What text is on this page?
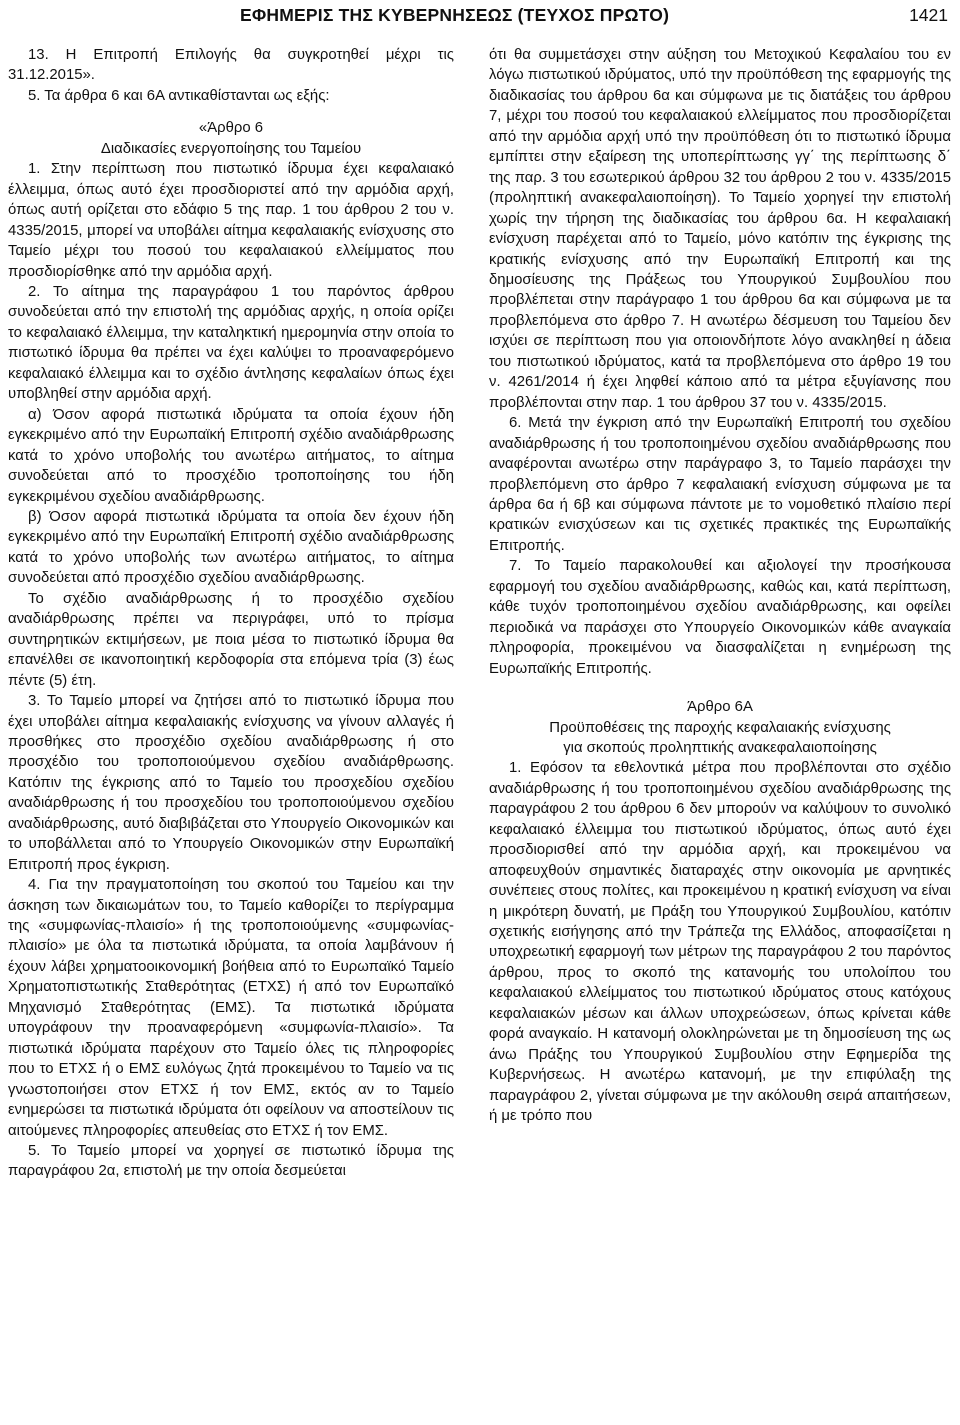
ΕΦΗΜΕΡΙΣ ΤΗΣ ΚΥΒΕΡΝΗΣΕΩΣ (ΤΕΥΧΟΣ ΠΡΩΤΟ)	1421

13. Η Επιτροπή Επιλογής θα συγκροτηθεί μέχρι τις 31.12.2015».

5. Τα άρθρα 6 και 6Α αντικαθίστανται ως εξής:

«Άρθρο 6

Διαδικασίες ενεργοποίησης του Ταμείου

1. Στην περίπτωση που πιστωτικό ίδρυμα έχει κεφαλαιακό έλλειμμα, όπως αυτό έχει προσδιοριστεί από την αρμόδια αρχή, όπως αυτή ορίζεται στο εδάφιο 5 της παρ. 1 του άρθρου 2 του ν. 4335/2015, μπορεί να υποβάλει αίτημα κεφαλαιακής ενίσχυσης στο Ταμείο μέχρι του ποσού του κεφαλαιακού ελλείμματος που προσδιορίσθηκε από την αρμόδια αρχή.

2. Το αίτημα της παραγράφου 1 του παρόντος άρθρου συνοδεύεται από την επιστολή της αρμόδιας αρχής, η οποία ορίζει το κεφαλαιακό έλλειμμα, την καταληκτική ημερομηνία στην οποία το πιστωτικό ίδρυμα θα πρέπει να έχει καλύψει το προαναφερόμενο κεφαλαιακό έλλειμμα και το σχέδιο άντλησης κεφαλαίων όπως έχει υποβληθεί στην αρμόδια αρχή.

α) Όσον αφορά πιστωτικά ιδρύματα τα οποία έχουν ήδη εγκεκριμένο από την Ευρωπαϊκή Επιτροπή σχέδιο αναδιάρθρωσης κατά το χρόνο υποβολής του ανωτέρω αιτήματος, το αίτημα συνοδεύεται από το προσχέδιο τροποποίησης του ήδη εγκεκριμένου σχεδίου αναδιάρθρωσης.

β) Όσον αφορά πιστωτικά ιδρύματα τα οποία δεν έχουν ήδη εγκεκριμένο από την Ευρωπαϊκή Επιτροπή σχέδιο αναδιάρθρωσης κατά το χρόνο υποβολής των ανωτέρω αιτήματος, το αίτημα συνοδεύεται από προσχέδιο σχεδίου αναδιάρθρωσης.

Το σχέδιο αναδιάρθρωσης ή το προσχέδιο σχεδίου αναδιάρθρωσης πρέπει να περιγράφει, υπό το πρίσμα συντηρητικών εκτιμήσεων, με ποια μέσα το πιστωτικό ίδρυμα θα επανέλθει σε ικανοποιητική κερδοφορία στα επόμενα τρία (3) έως πέντε (5) έτη.

3. Το Ταμείο μπορεί να ζητήσει από το πιστωτικό ίδρυμα που έχει υποβάλει αίτημα κεφαλαιακής ενίσχυσης να γίνουν αλλαγές ή προσθήκες στο προσχέδιο σχεδίου αναδιάρθρωσης ή στο προσχέδιο του τροποποιούμενου σχεδίου αναδιάρθρωσης. Κατόπιν της έγκρισης από το Ταμείο του προσχεδίου σχεδίου αναδιάρθρωσης ή του προσχεδίου του τροποποιούμενου σχεδίου αναδιάρθρωσης, αυτό διαβιβάζεται στο Υπουργείο Οικονομικών και το υποβάλλεται από το Υπουργείο Οικονομικών στην Ευρωπαϊκή Επιτροπή προς έγκριση.

4. Για την πραγματοποίηση του σκοπού του Ταμείου και την άσκηση των δικαιωμάτων του, το Ταμείο καθορίζει το περίγραμμα της «συμφωνίας-πλαισίο» ή της τροποποιούμενης «συμφωνίας-πλαισίο» με όλα τα πιστωτικά ιδρύματα, τα οποία λαμβάνουν ή έχουν λάβει χρηματοοικονομική βοήθεια από το Ευρωπαϊκό Ταμείο Χρηματοπιστωτικής Σταθερότητας (ΕΤΧΣ) ή από τον Ευρωπαϊκό Μηχανισμό Σταθερότητας (ΕΜΣ). Τα πιστωτικά ιδρύματα υπογράφουν την προαναφερόμενη «συμφωνία-πλαισίο». Τα πιστωτικά ιδρύματα παρέχουν στο Ταμείο όλες τις πληροφορίες που το ΕΤΧΣ ή ο ΕΜΣ ευλόγως ζητά προκειμένου το Ταμείο να τις γνωστοποιήσει στον ΕΤΧΣ ή τον ΕΜΣ, εκτός αν το Ταμείο ενημερώσει τα πιστωτικά ιδρύματα ότι οφείλουν να αποστείλουν τις αιτούμενες πληροφορίες απευθείας στο ΕΤΧΣ ή τον ΕΜΣ.

5. Το Ταμείο μπορεί να χορηγεί σε πιστωτικό ίδρυμα της παραγράφου 2α, επιστολή με την οποία δεσμεύεται

ότι θα συμμετάσχει στην αύξηση του Μετοχικού Κεφαλαίου του εν λόγω πιστωτικού ιδρύματος, υπό την προϋπόθεση της εφαρμογής της διαδικασίας του άρθρου 6α και σύμφωνα με τις διατάξεις του άρθρου 7, μέχρι του ποσού του κεφαλαιακού ελλείμματος που προσδιορίζεται από την αρμόδια αρχή υπό την προϋπόθεση ότι το πιστωτικό ίδρυμα εμπίπτει στην εξαίρεση της υποπερίπτωσης γγ΄ της περίπτωσης δ΄ της παρ. 3 του εσωτερικού άρθρου 32 του άρθρου 2 του ν. 4335/2015 (προληπτική ανακεφαλαιοποίηση). Το Ταμείο χορηγεί την επιστολή χωρίς την τήρηση της διαδικασίας του άρθρου 6α. Η κεφαλαιακή ενίσχυση παρέχεται από το Ταμείο, μόνο κατόπιν της έγκρισης της κρατικής ενίσχυσης από την Ευρωπαϊκή Επιτροπή και της δημοσίευσης της Πράξεως του Υπουργικού Συμβουλίου που προβλέπεται στην παράγραφο 1 του άρθρου 6α και σύμφωνα με τα προβλεπόμενα στο άρθρο 7. Η ανωτέρω δέσμευση του Ταμείου δεν ισχύει σε περίπτωση που για οποιονδήποτε λόγο ανακληθεί η άδεια του πιστωτικού ιδρύματος, κατά τα προβλεπόμενα στο άρθρο 19 του ν. 4261/2014 ή έχει ληφθεί κάποιο από τα μέτρα εξυγίανσης που προβλέπονται στην παρ. 1 του άρθρου 37 του ν. 4335/2015.

6. Μετά την έγκριση από την Ευρωπαϊκή Επιτροπή του σχεδίου αναδιάρθρωσης ή του τροποποιημένου σχεδίου αναδιάρθρωσης που αναφέρονται ανωτέρω στην παράγραφο 3, το Ταμείο παράσχει την προβλεπόμενη στο άρθρο 7 κεφαλαιακή ενίσχυση σύμφωνα με τα άρθρα 6α ή 6β και σύμφωνα πάντοτε με το νομοθετικό πλαίσιο περί κρατικών ενισχύσεων και τις σχετικές πρακτικές της Ευρωπαϊκής Επιτροπής.

7. Το Ταμείο παρακολουθεί και αξιολογεί την προσήκουσα εφαρμογή του σχεδίου αναδιάρθρωσης, καθώς και, κατά περίπτωση, κάθε τυχόν τροποποιημένου σχεδίου αναδιάρθρωσης, και οφείλει περιοδικά να παράσχει στο Υπουργείο Οικονομικών κάθε αναγκαία πληροφορία, προκειμένου να διασφαλίζεται η ενημέρωση της Ευρωπαϊκής Επιτροπής.

Άρθρο 6Α

Προϋποθέσεις της παροχής κεφαλαιακής ενίσχυσης

για σκοπούς προληπτικής ανακεφαλαιοποίησης

1. Εφόσον τα εθελοντικά μέτρα που προβλέπονται στο σχέδιο αναδιάρθρωσης ή του τροποποιημένου σχεδίου αναδιάρθρωσης της παραγράφου 2 του άρθρου 6 δεν μπορούν να καλύψουν το συνολικό κεφαλαιακό έλλειμμα του πιστωτικού ιδρύματος, όπως αυτό έχει προσδιορισθεί από την αρμόδια αρχή, και προκειμένου να αποφευχθούν σημαντικές διαταραχές στην οικονομία με αρνητικές συνέπειες στους πολίτες, και προκειμένου η κρατική ενίσχυση να είναι η μικρότερη δυνατή, με Πράξη του Υπουργικού Συμβουλίου, κατόπιν σχετικής εισήγησης από την Τράπεζα της Ελλάδος, αποφασίζεται η υποχρεωτική εφαρμογή των μέτρων της παραγράφου 2 του παρόντος άρθρου, προς το σκοπό της κατανομής του υπολοίπου του κεφαλαιακού ελλείμματος του πιστωτικού ιδρύματος στους κατόχους κεφαλαιακών μέσων και άλλων υποχρεώσεων, όπως κρίνεται κάθε φορά αναγκαίο. Η κατανομή ολοκληρώνεται με τη δημοσίευση της ως άνω Πράξης του Υπουργικού Συμβουλίου στην Εφημερίδα της Κυβερνήσεως. Η ανωτέρω κατανομή, με την επιφύλαξη της παραγράφου 2, γίνεται σύμφωνα με την ακόλουθη σειρά απαιτήσεων, ή με τρόπο που
